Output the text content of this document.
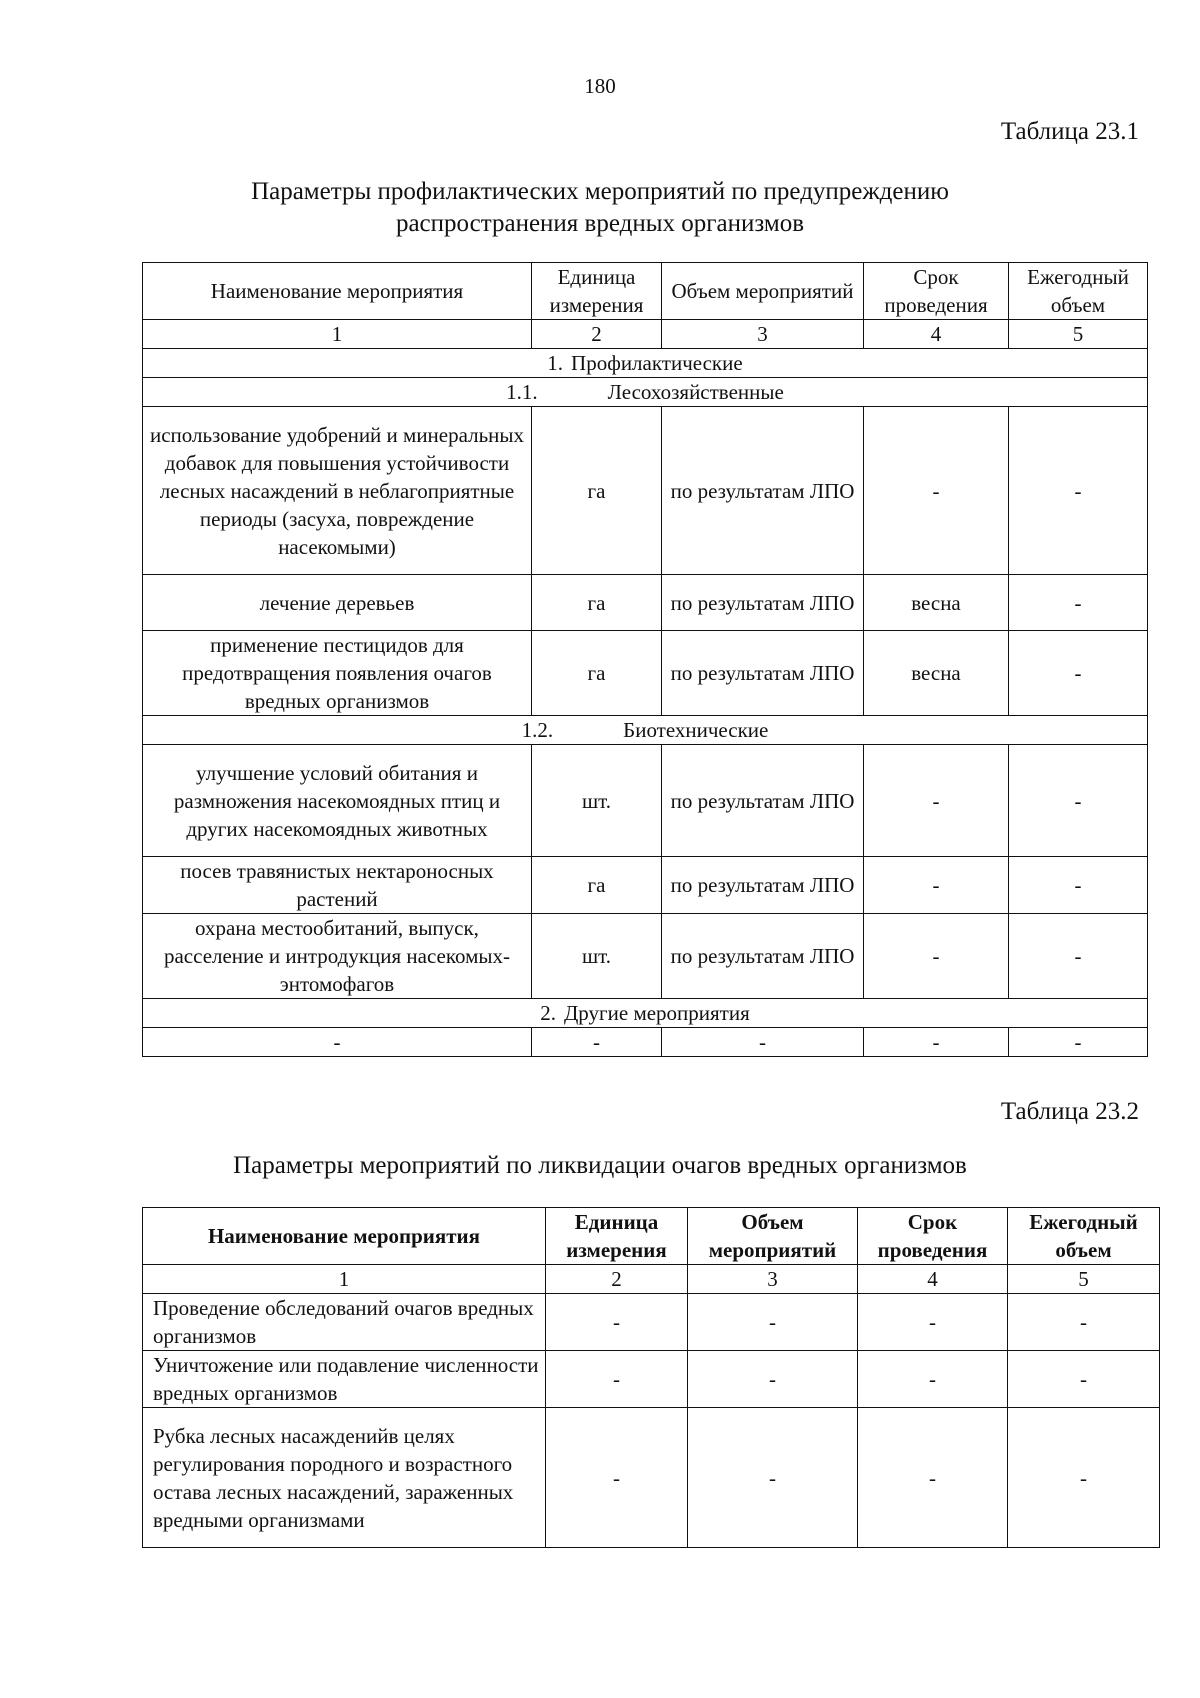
180
Таблица 23.1
Параметры профилактических мероприятий по предупреждению
распространения вредных организмов
Наименование мероприятия	Единица измерения	Объем мероприятий	Срок проведения	Ежегодный объем
1	2	3	4	5
1. Профилактические				
1.1. Лесохозяйственные				
использование удобрений и минеральных добавок для повышения устойчивости лесных насаждений в неблагоприятные периоды (засуха, повреждение насекомыми)	га	по результатам ЛПО	-	-
лечение деревьев	га	по результатам ЛПО	весна	-
применение пестицидов для предотвращения появления очагов вредных организмов	га	по результатам ЛПО	весна	-
1.2. Биотехнические				
улучшение условий обитания и размножения насекомоядных птиц и других насекомоядных животных	шт.	по результатам ЛПО	-	-
посев травянистых нектароносных растений	га	по результатам ЛПО	-	-
охрана местообитаний, выпуск, расселение и интродукция насекомых-энтомофагов	шт.	по результатам ЛПО	-	-
2. Другие мероприятия				
-	-	-	-	-
Таблица 23.2
Параметры мероприятий по ликвидации очагов вредных организмов
Наименование мероприятия	Единица измерения	Объем мероприятий	Срок проведения	Ежегодный объем
1	2	3	4	5
Проведение обследований очагов вредных организмов	-	-	-	-
Уничтожение или подавление численности вредных организмов	-	-	-	-
Рубка лесных насажденийв целях регулирования породного и возрастного остава лесных насаждений, зараженных вредными организмами	-	-	-	-
